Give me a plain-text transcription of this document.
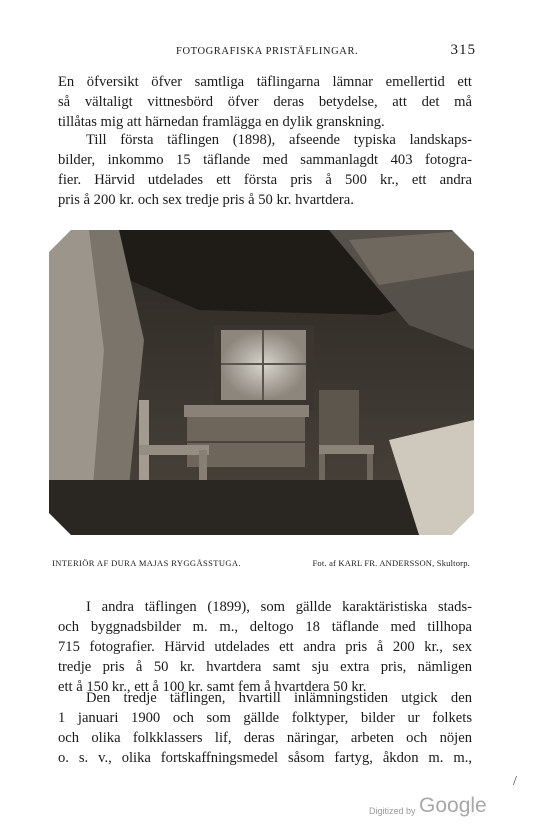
FOTOGRAFISKA PRISTÄFLINGAR.	315

En öfversikt öfver samtliga täflingarna lämnar emellertid ett
så vältaligt vittnesbörd öfver deras betydelse, att det må
tillåtas mig att härnedan framlägga en dylik granskning.

Till första täflingen (1898), afseende typiska landskaps-
bilder, inkommo 15 täflande med sammanlagdt 403 fotogra-
fier. Härvid utdelades ett första pris å 500 kr., ett andra
pris å 200 kr. och sex tredje pris å 50 kr. hvartdera.

INTERIÖR AF DURA MAJAS RYGGÅSSTUGA.	Fot. af KARL FR. ANDERSSON, Skultorp.

I andra täflingen (1899), som gällde karaktäristiska stads-
och byggnadsbilder m. m., deltogo 18 täflande med tillhopa
715 fotografier. Härvid utdelades ett andra pris å 200 kr., sex
tredje pris å 50 kr. hvartdera samt sju extra pris, nämligen
ett å 150 kr., ett å 100 kr. samt fem å hvartdera 50 kr.

Den tredje täflingen, hvartill inlämningstiden utgick den
1 januari 1900 och som gällde folktyper, bilder ur folkets
och olika folkklassers lif, deras näringar, arbeten och nöjen
o. s. v., olika fortskaffningsmedel såsom fartyg, åkdon m. m.,

/
Digitized by Google
